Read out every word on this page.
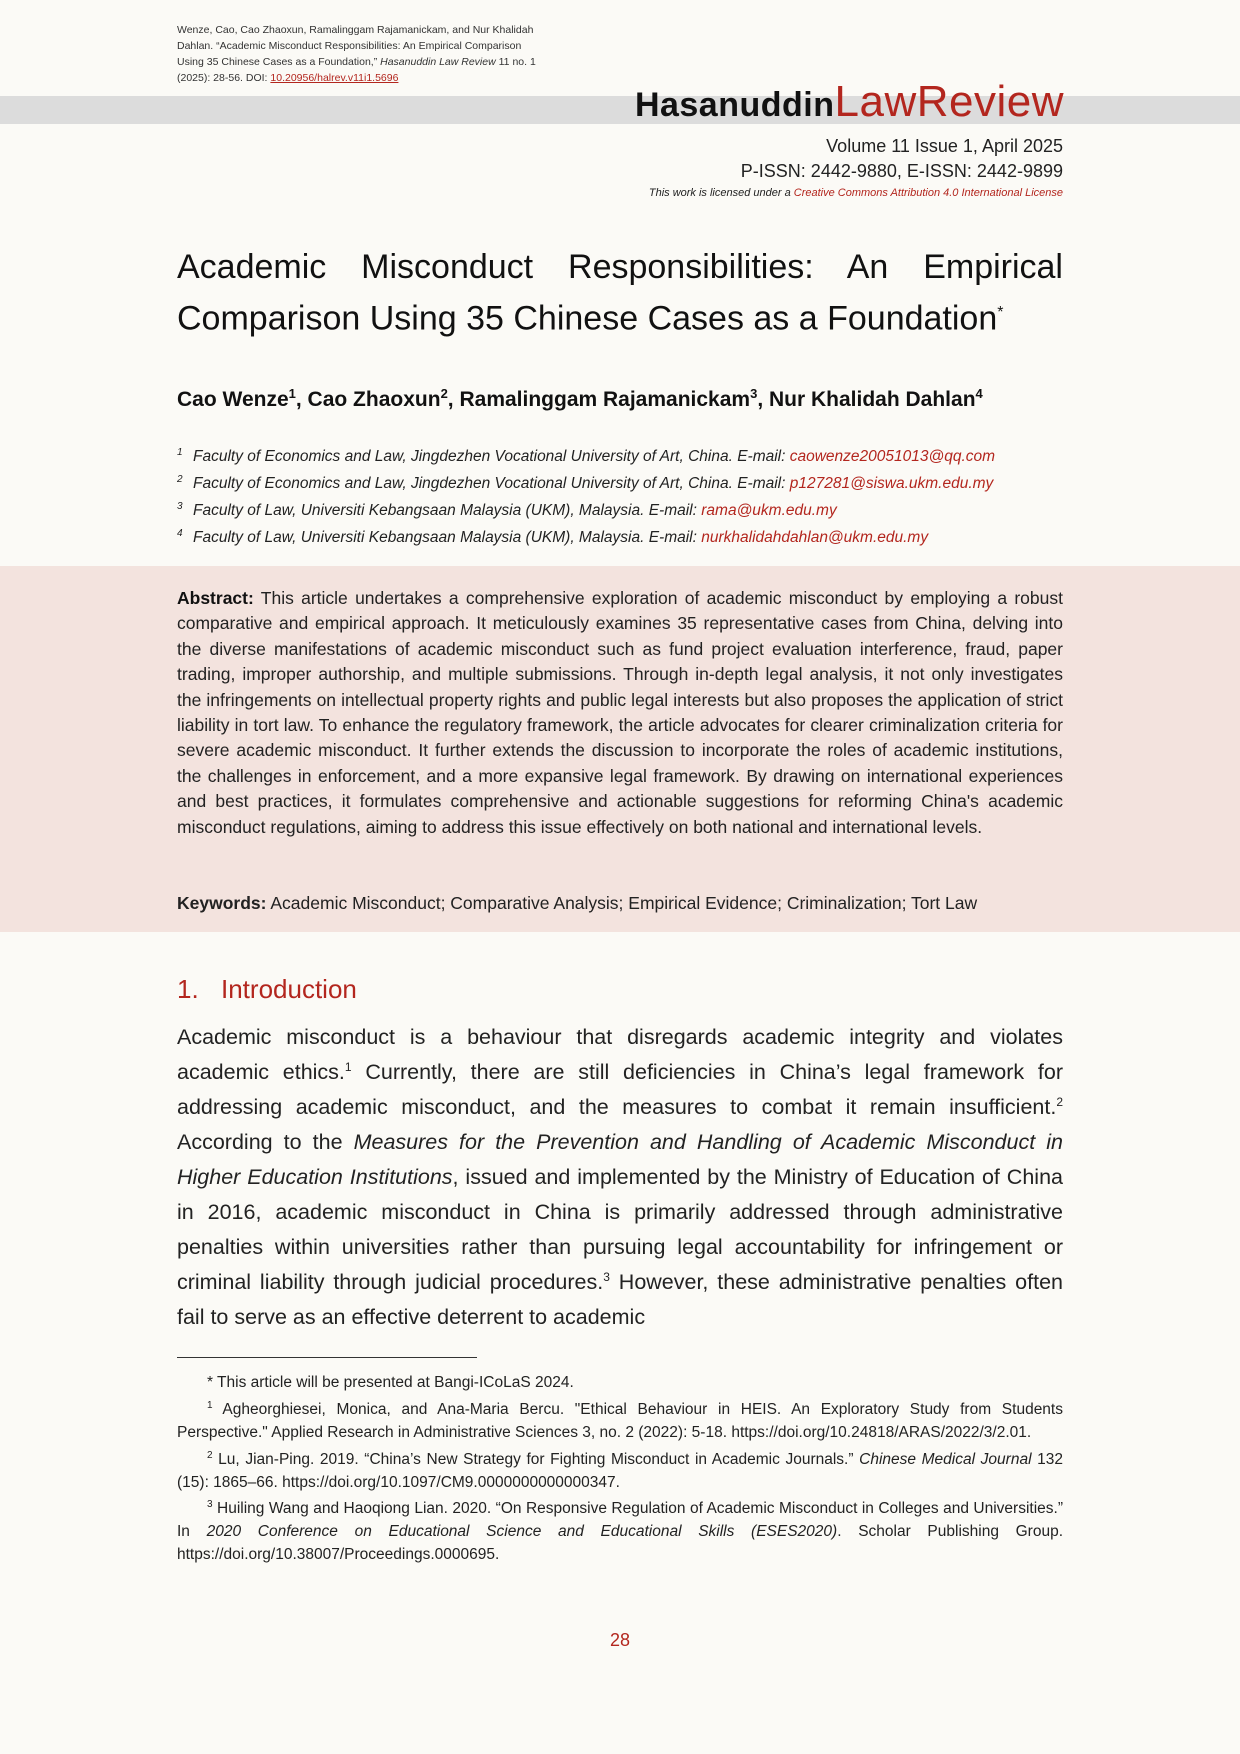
Wenze, Cao, Cao Zhaoxun, Ramalinggam Rajamanickam, and Nur Khalidah Dahlan. “Academic Misconduct Responsibilities: An Empirical Comparison Using 35 Chinese Cases as a Foundation,” Hasanuddin Law Review 11 no. 1 (2025): 28-56. DOI: 10.20956/halrev.v11i1.5696
HasanuddinLawReview
Volume 11 Issue 1, April 2025
P-ISSN: 2442-9880, E-ISSN: 2442-9899
This work is licensed under a Creative Commons Attribution 4.0 International License
Academic Misconduct Responsibilities: An Empirical Comparison Using 35 Chinese Cases as a Foundation*
Cao Wenze$^1$, Cao Zhaoxun$^2$, Ramalinggam Rajamanickam$^3$, Nur Khalidah Dahlan$^4$
$^1$ Faculty of Economics and Law, Jingdezhen Vocational University of Art, China. E-mail: caowenze20051013@qq.com
$^2$ Faculty of Economics and Law, Jingdezhen Vocational University of Art, China. E-mail: p127281@siswa.ukm.edu.my
$^3$ Faculty of Law, Universiti Kebangsaan Malaysia (UKM), Malaysia. E-mail: rama@ukm.edu.my
$^4$ Faculty of Law, Universiti Kebangsaan Malaysia (UKM), Malaysia. E-mail: nurkhalidahdahlan@ukm.edu.my
Abstract: This article undertakes a comprehensive exploration of academic misconduct by employing a robust comparative and empirical approach. It meticulously examines 35 representative cases from China, delving into the diverse manifestations of academic misconduct such as fund project evaluation interference, fraud, paper trading, improper authorship, and multiple submissions. Through in-depth legal analysis, it not only investigates the infringements on intellectual property rights and public legal interests but also proposes the application of strict liability in tort law. To enhance the regulatory framework, the article advocates for clearer criminalization criteria for severe academic misconduct. It further extends the discussion to incorporate the roles of academic institutions, the challenges in enforcement, and a more expansive legal framework. By drawing on international experiences and best practices, it formulates comprehensive and actionable suggestions for reforming China's academic misconduct regulations, aiming to address this issue effectively on both national and international levels.
Keywords: Academic Misconduct; Comparative Analysis; Empirical Evidence; Criminalization; Tort Law
1. Introduction
Academic misconduct is a behaviour that disregards academic integrity and violates academic ethics.$^1$ Currently, there are still deficiencies in China’s legal framework for addressing academic misconduct, and the measures to combat it remain insufficient.$^2$ According to the Measures for the Prevention and Handling of Academic Misconduct in Higher Education Institutions, issued and implemented by the Ministry of Education of China in 2016, academic misconduct in China is primarily addressed through administrative penalties within universities rather than pursuing legal accountability for infringement or criminal liability through judicial procedures.$^3$ However, these administrative penalties often fail to serve as an effective deterrent to academic
* This article will be presented at Bangi-ICoLaS 2024.
$^1$ Agheorghiesei, Monica, and Ana-Maria Bercu. "Ethical Behaviour in HEIS. An Exploratory Study from Students Perspective." Applied Research in Administrative Sciences 3, no. 2 (2022): 5-18. https://doi.org/10.24818/ARAS/2022/3/2.01.
$^2$ Lu, Jian-Ping. 2019. “China’s New Strategy for Fighting Misconduct in Academic Journals.” Chinese Medical Journal 132 (15): 1865–66. https://doi.org/10.1097/CM9.0000000000000347.
$^3$ Huiling Wang and Haoqiong Lian. 2020. “On Responsive Regulation of Academic Misconduct in Colleges and Universities.” In 2020 Conference on Educational Science and Educational Skills (ESES2020). Scholar Publishing Group. https://doi.org/10.38007/Proceedings.0000695.
28
